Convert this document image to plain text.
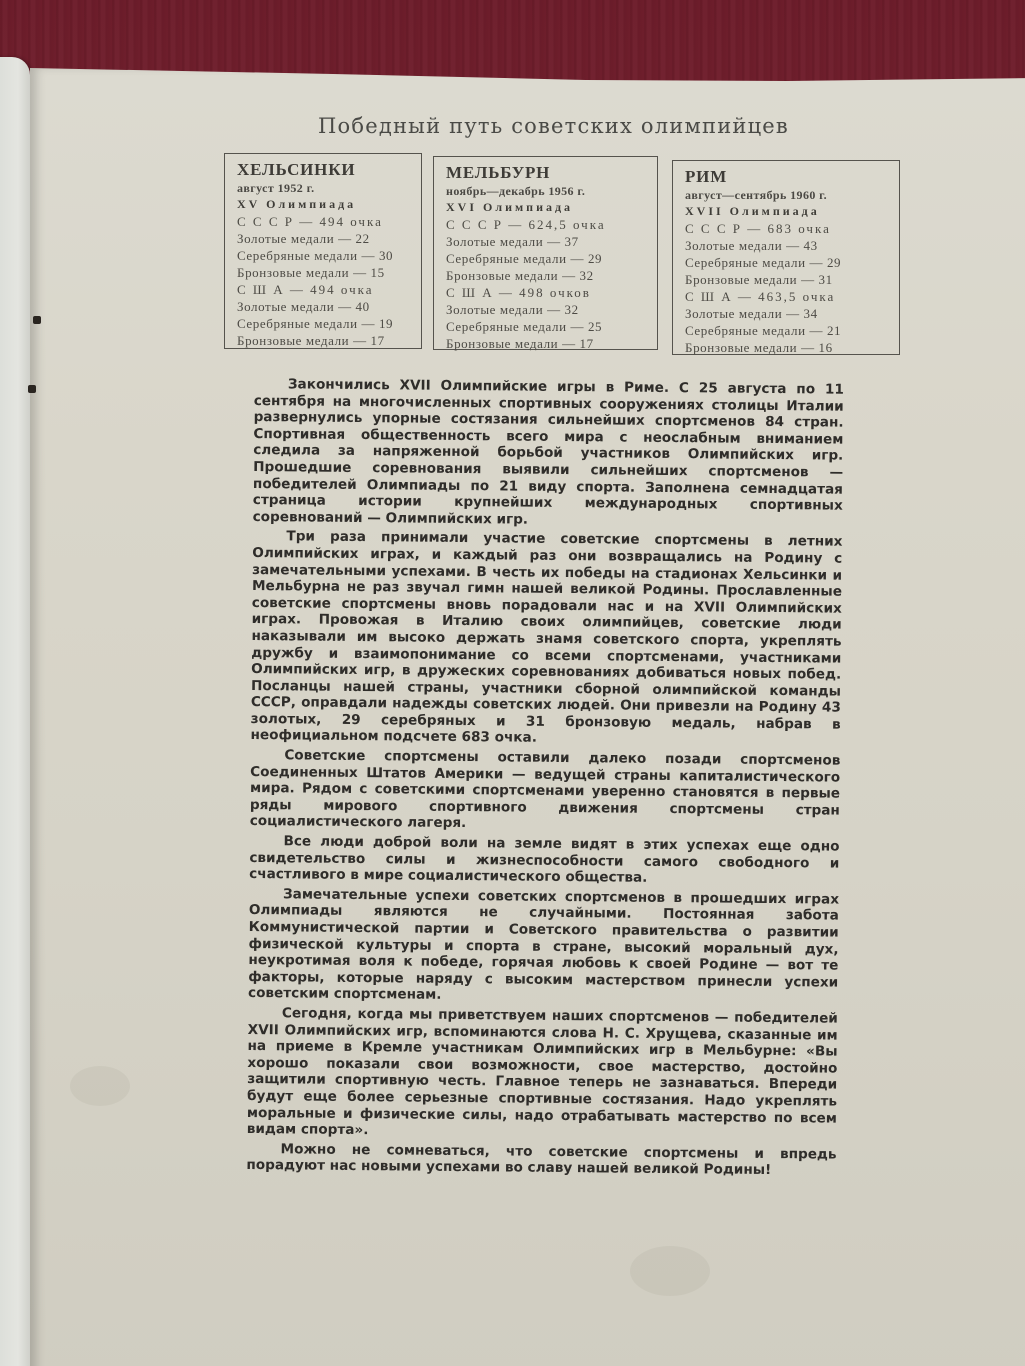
Победный путь советских олимпийцев
ХЕЛЬСИНКИ
август 1952 г.
XV Олимпиада
С С С Р — 494 очка
Золотые медали — 22
Серебряные медали — 30
Бронзовые медали — 15
С Ш А — 494 очка
Золотые медали — 40
Серебряные медали — 19
Бронзовые медали — 17
МЕЛЬБУРН
ноябрь—декабрь 1956 г.
XVI Олимпиада
С С С Р — 624,5 очка
Золотые медали — 37
Серебряные медали — 29
Бронзовые медали — 32
С Ш А — 498 очков
Золотые медали — 32
Серебряные медали — 25
Бронзовые медали — 17
РИМ
август—сентябрь 1960 г.
XVII Олимпиада
С С С Р — 683 очка
Золотые медали — 43
Серебряные медали — 29
Бронзовые медали — 31
С Ш А — 463,5 очка
Золотые медали — 34
Серебряные медали — 21
Бронзовые медали — 16

Закончились XVII Олимпийские игры в Риме. С 25 августа по 11 сентября на многочисленных спортивных сооружениях столицы Италии развернулись упорные состязания сильнейших спортсменов 84 стран. Спортивная общественность всего мира с неослабным вниманием следила за напряженной борьбой участников Олимпийских игр. Прошедшие соревнования выявили сильнейших спортсменов — победителей Олимпиады по 21 виду спорта. Заполнена семнадцатая страница истории крупнейших международных спортивных соревнований — Олимпийских игр.

Три раза принимали участие советские спортсмены в летних Олимпийских играх, и каждый раз они возвращались на Родину с замечательными успехами. В честь их победы на стадионах Хельсинки и Мельбурна не раз звучал гимн нашей великой Родины. Прославленные советские спортсмены вновь порадовали нас и на XVII Олимпийских играх. Провожая в Италию своих олимпийцев, советские люди наказывали им высоко держать знамя советского спорта, укреплять дружбу и взаимопонимание со всеми спортсменами, участниками Олимпийских игр, в дружеских соревнованиях добиваться новых побед. Посланцы нашей страны, участники сборной олимпийской команды СССР, оправдали надежды советских людей. Они привезли на Родину 43 золотых, 29 серебряных и 31 бронзовую медаль, набрав в неофициальном подсчете 683 очка.

Советские спортсмены оставили далеко позади спортсменов Соединенных Штатов Америки — ведущей страны капиталистического мира. Рядом с советскими спортсменами уверенно становятся в первые ряды мирового спортивного движения спортсмены стран социалистического лагеря.

Все люди доброй воли на земле видят в этих успехах еще одно свидетельство силы и жизнеспособности самого свободного и счастливого в мире социалистического общества.

Замечательные успехи советских спортсменов в прошедших играх Олимпиады являются не случайными. Постоянная забота Коммунистической партии и Советского правительства о развитии физической культуры и спорта в стране, высокий моральный дух, неукротимая воля к победе, горячая любовь к своей Родине — вот те факторы, которые наряду с высоким мастерством принесли успехи советским спортсменам.

Сегодня, когда мы приветствуем наших спортсменов — победителей XVII Олимпийских игр, вспоминаются слова Н. С. Хрущева, сказанные им на приеме в Кремле участникам Олимпийских игр в Мельбурне: «Вы хорошо показали свои возможности, свое мастерство, достойно защитили спортивную честь. Главное теперь не зазнаваться. Впереди будут еще более серьезные спортивные состязания. Надо укреплять моральные и физические силы, надо отрабатывать мастерство по всем видам спорта».

Можно не сомневаться, что советские спортсмены и впредь порадуют нас новыми успехами во славу нашей великой Родины!
